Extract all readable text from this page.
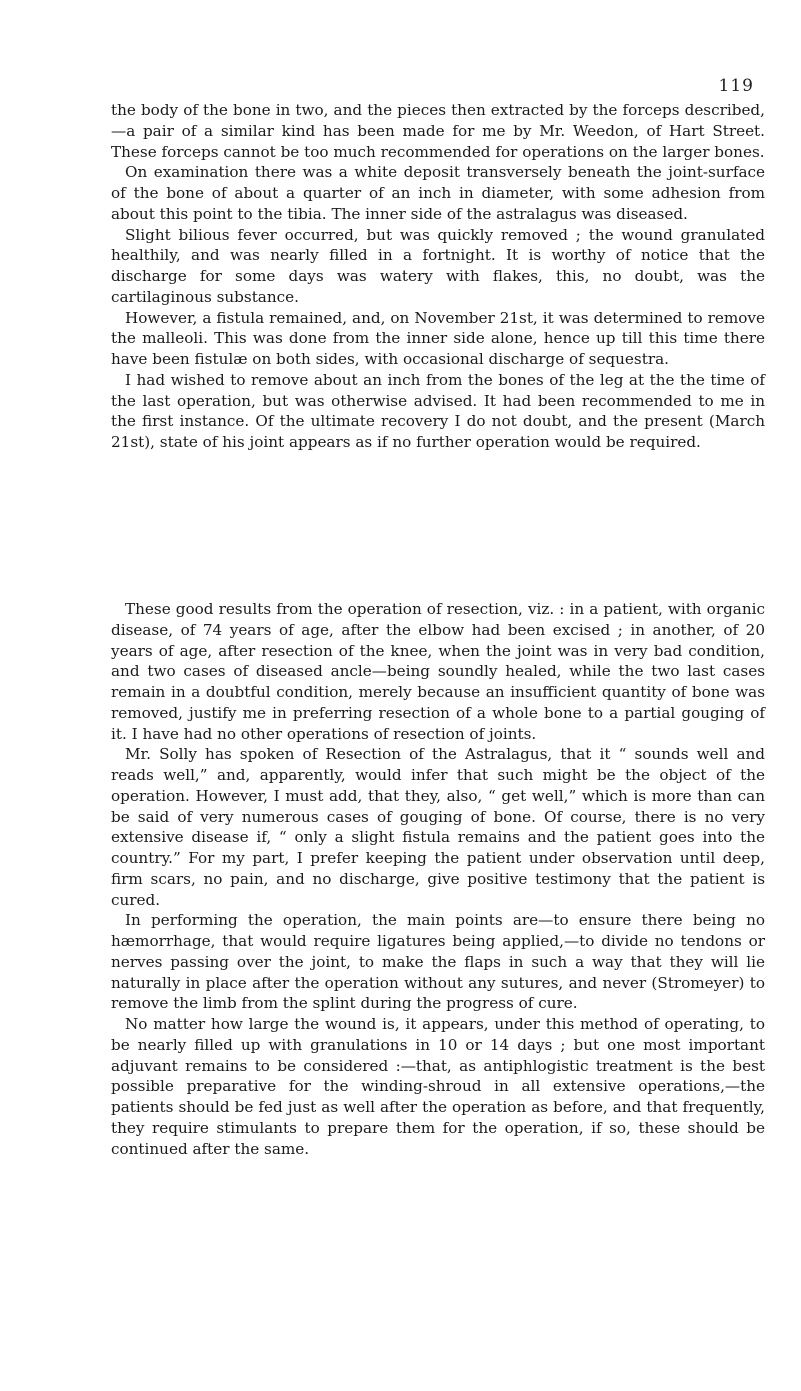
119

the body of the bone in two, and the pieces then extracted by the forceps described,—a pair of a similar kind has been made for me by Mr. Weedon, of Hart Street. These forceps cannot be too much recommended for operations on the larger bones.

On examination there was a white deposit transversely beneath the joint-surface of the bone of about a quarter of an inch in diameter, with some adhesion from about this point to the tibia. The inner side of the astralagus was diseased.

Slight bilious fever occurred, but was quickly removed ; the wound granulated healthily, and was nearly filled in a fortnight. It is worthy of notice that the discharge for some days was watery with flakes, this, no doubt, was the cartilaginous substance.

However, a fistula remained, and, on November 21st, it was determined to remove the malleoli. This was done from the inner side alone, hence up till this time there have been fistulæ on both sides, with occasional discharge of sequestra.

I had wished to remove about an inch from the bones of the leg at the the time of the last operation, but was otherwise advised. It had been recommended to me in the first instance. Of the ultimate recovery I do not doubt, and the present (March 21st), state of his joint appears as if no further operation would be required.

These good results from the operation of resection, viz. : in a patient, with organic disease, of 74 years of age, after the elbow had been excised ; in another, of 20 years of age, after resection of the knee, when the joint was in very bad condition, and two cases of diseased ancle—being soundly healed, while the two last cases remain in a doubtful condition, merely because an insufficient quantity of bone was removed, justify me in preferring resection of a whole bone to a partial gouging of it. I have had no other operations of resection of joints.

Mr. Solly has spoken of Resection of the Astralagus, that it “ sounds well and reads well,” and, apparently, would infer that such might be the object of the operation. However, I must add, that they, also, “ get well,” which is more than can be said of very numerous cases of gouging of bone. Of course, there is no very extensive disease if, “ only a slight fistula remains and the patient goes into the country.” For my part, I prefer keeping the patient under observation until deep, firm scars, no pain, and no discharge, give positive testimony that the patient is cured.

In performing the operation, the main points are—to ensure there being no hæmorrhage, that would require ligatures being applied,—to divide no tendons or nerves passing over the joint, to make the flaps in such a way that they will lie naturally in place after the operation without any sutures, and never (Stromeyer) to remove the limb from the splint during the progress of cure.

No matter how large the wound is, it appears, under this method of operating, to be nearly filled up with granulations in 10 or 14 days ; but one most important adjuvant remains to be considered :—that, as antiphlogistic treatment is the best possible preparative for the winding-shroud in all extensive operations,—the patients should be fed just as well after the operation as before, and that frequently, they require stimulants to prepare them for the operation, if so, these should be continued after the same.
